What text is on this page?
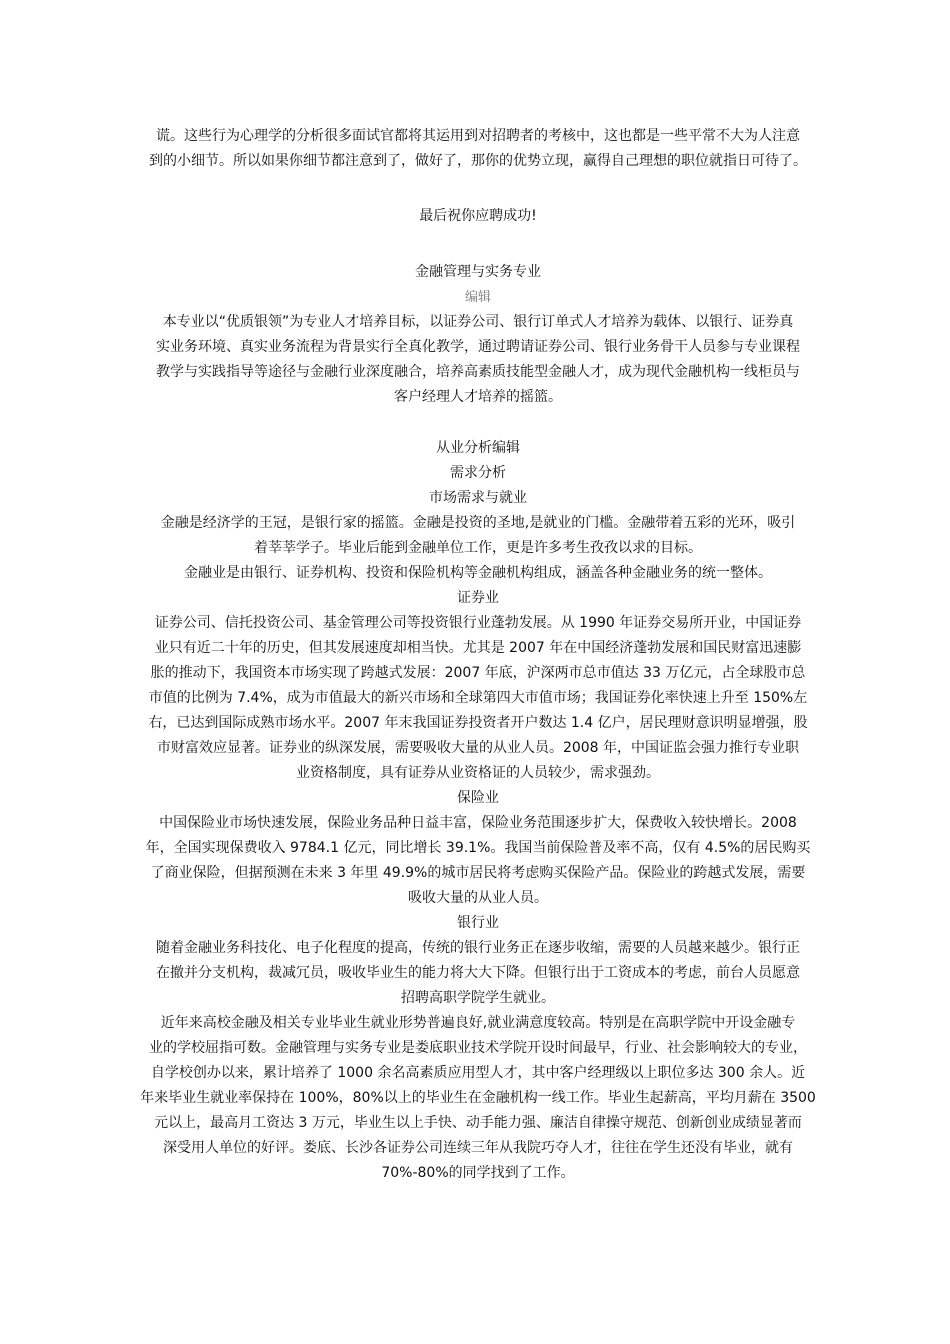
谎。这些行为心理学的分析很多面试官都将其运用到对招聘者的考核中，这也都是一些平常不大为人注意

到的小细节。所以如果你细节都注意到了，做好了，那你的优势立现，赢得自己理想的职位就指日可待了。

最后祝你应聘成功!

金融管理与实务专业

编辑

本专业以“优质银领”为专业人才培养目标，以证券公司、银行订单式人才培养为载体、以银行、证券真

实业务环境、真实业务流程为背景实行全真化教学，通过聘请证券公司、银行业务骨干人员参与专业课程

教学与实践指导等途径与金融行业深度融合，培养高素质技能型金融人才，成为现代金融机构一线柜员与

客户经理人才培养的摇篮。

从业分析编辑

需求分析

市场需求与就业

金融是经济学的王冠，是银行家的摇篮。金融是投资的圣地,是就业的门槛。金融带着五彩的光环，吸引

着莘莘学子。毕业后能到金融单位工作，更是许多考生孜孜以求的目标。

金融业是由银行、证券机构、投资和保险机构等金融机构组成，涵盖各种金融业务的统一整体。

证券业

证券公司、信托投资公司、基金管理公司等投资银行业蓬勃发展。从 1990 年证券交易所开业，中国证券

业只有近二十年的历史，但其发展速度却相当快。尤其是 2007 年在中国经济蓬勃发展和国民财富迅速膨

胀的推动下，我国资本市场实现了跨越式发展：2007 年底，沪深两市总市值达 33 万亿元，占全球股市总

市值的比例为 7.4%，成为市值最大的新兴市场和全球第四大市值市场；我国证券化率快速上升至 150%左

右，已达到国际成熟市场水平。2007 年末我国证券投资者开户数达 1.4 亿户，居民理财意识明显增强，股

市财富效应显著。证券业的纵深发展，需要吸收大量的从业人员。2008 年，中国证监会强力推行专业职

业资格制度，具有证券从业资格证的人员较少，需求强劲。

保险业

中国保险业市场快速发展，保险业务品种日益丰富，保险业务范围逐步扩大，保费收入较快增长。2008

年，全国实现保费收入 9784.1 亿元，同比增长 39.1%。我国当前保险普及率不高，仅有 4.5%的居民购买

了商业保险，但据预测在未来 3 年里 49.9%的城市居民将考虑购买保险产品。保险业的跨越式发展，需要

吸收大量的从业人员。

银行业

随着金融业务科技化、电子化程度的提高，传统的银行业务正在逐步收缩，需要的人员越来越少。银行正

在撤并分支机构，裁减冗员，吸收毕业生的能力将大大下降。但银行出于工资成本的考虑，前台人员愿意

招聘高职学院学生就业。

近年来高校金融及相关专业毕业生就业形势普遍良好,就业满意度较高。特别是在高职学院中开设金融专

业的学校屈指可数。金融管理与实务专业是娄底职业技术学院开设时间最早，行业、社会影响较大的专业，

自学校创办以来，累计培养了 1000 余名高素质应用型人才，其中客户经理级以上职位多达 300 余人。近

年来毕业生就业率保持在 100%，80%以上的毕业生在金融机构一线工作。毕业生起薪高，平均月薪在 3500

元以上，最高月工资达 3 万元，毕业生以上手快、动手能力强、廉洁自律操守规范、创新创业成绩显著而

深受用人单位的好评。娄底、长沙各证券公司连续三年从我院巧夺人才，往往在学生还没有毕业，就有

70%-80%的同学找到了工作。
